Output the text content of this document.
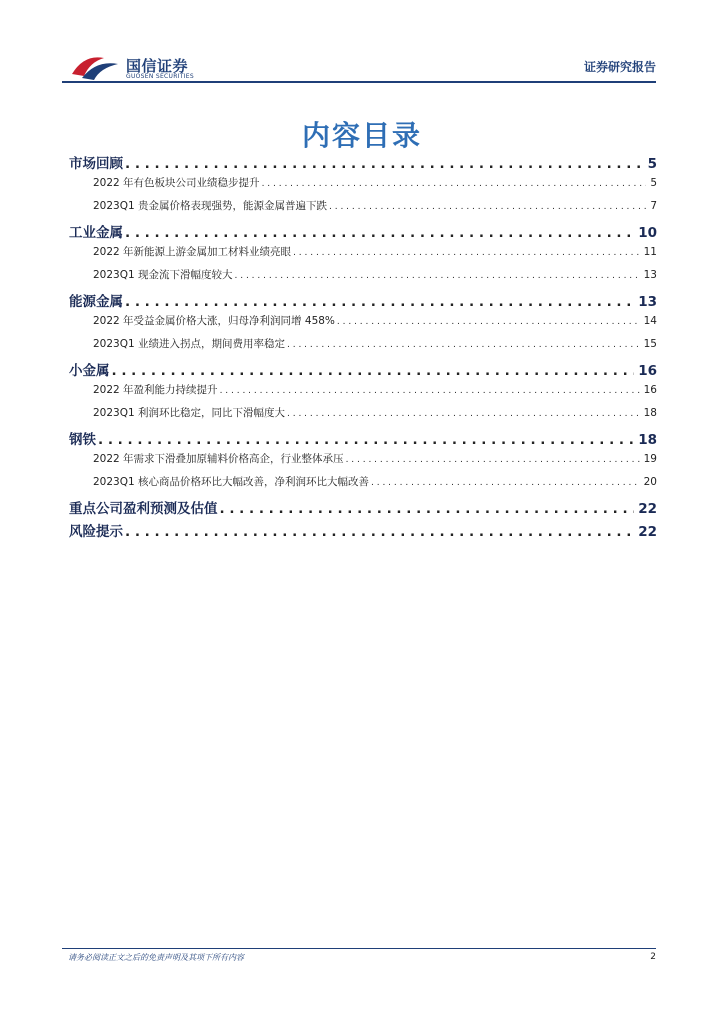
国信证券
GUOSEN SECURITIES
证券研究报告
内容目录
市场回顾 . . .	5
2022 年有色板块公司业绩稳步提升 . . .	5
2023Q1 贵金属价格表现强势，能源金属普遍下跌 . . .	7
工业金属 . . .	10
2022 年新能源上游金属加工材料业绩亮眼 . . .	11
2023Q1 现金流下滑幅度较大 . . .	13
能源金属 . . .	13
2022 年受益金属价格大涨，归母净利润同增 458% . . .	14
2023Q1 业绩进入拐点，期间费用率稳定 . . .	15
小金属 . . .	16
2022 年盈利能力持续提升 . . .	16
2023Q1 利润环比稳定，同比下滑幅度大 . . .	18
钢铁 . . .	18
2022 年需求下滑叠加原辅料价格高企，行业整体承压 . . .	19
2023Q1 核心商品价格环比大幅改善，净利润环比大幅改善 . . .	20
重点公司盈利预测及估值 . . .	22
风险提示 . . .	22
请务必阅读正文之后的免责声明及其项下所有内容	2
